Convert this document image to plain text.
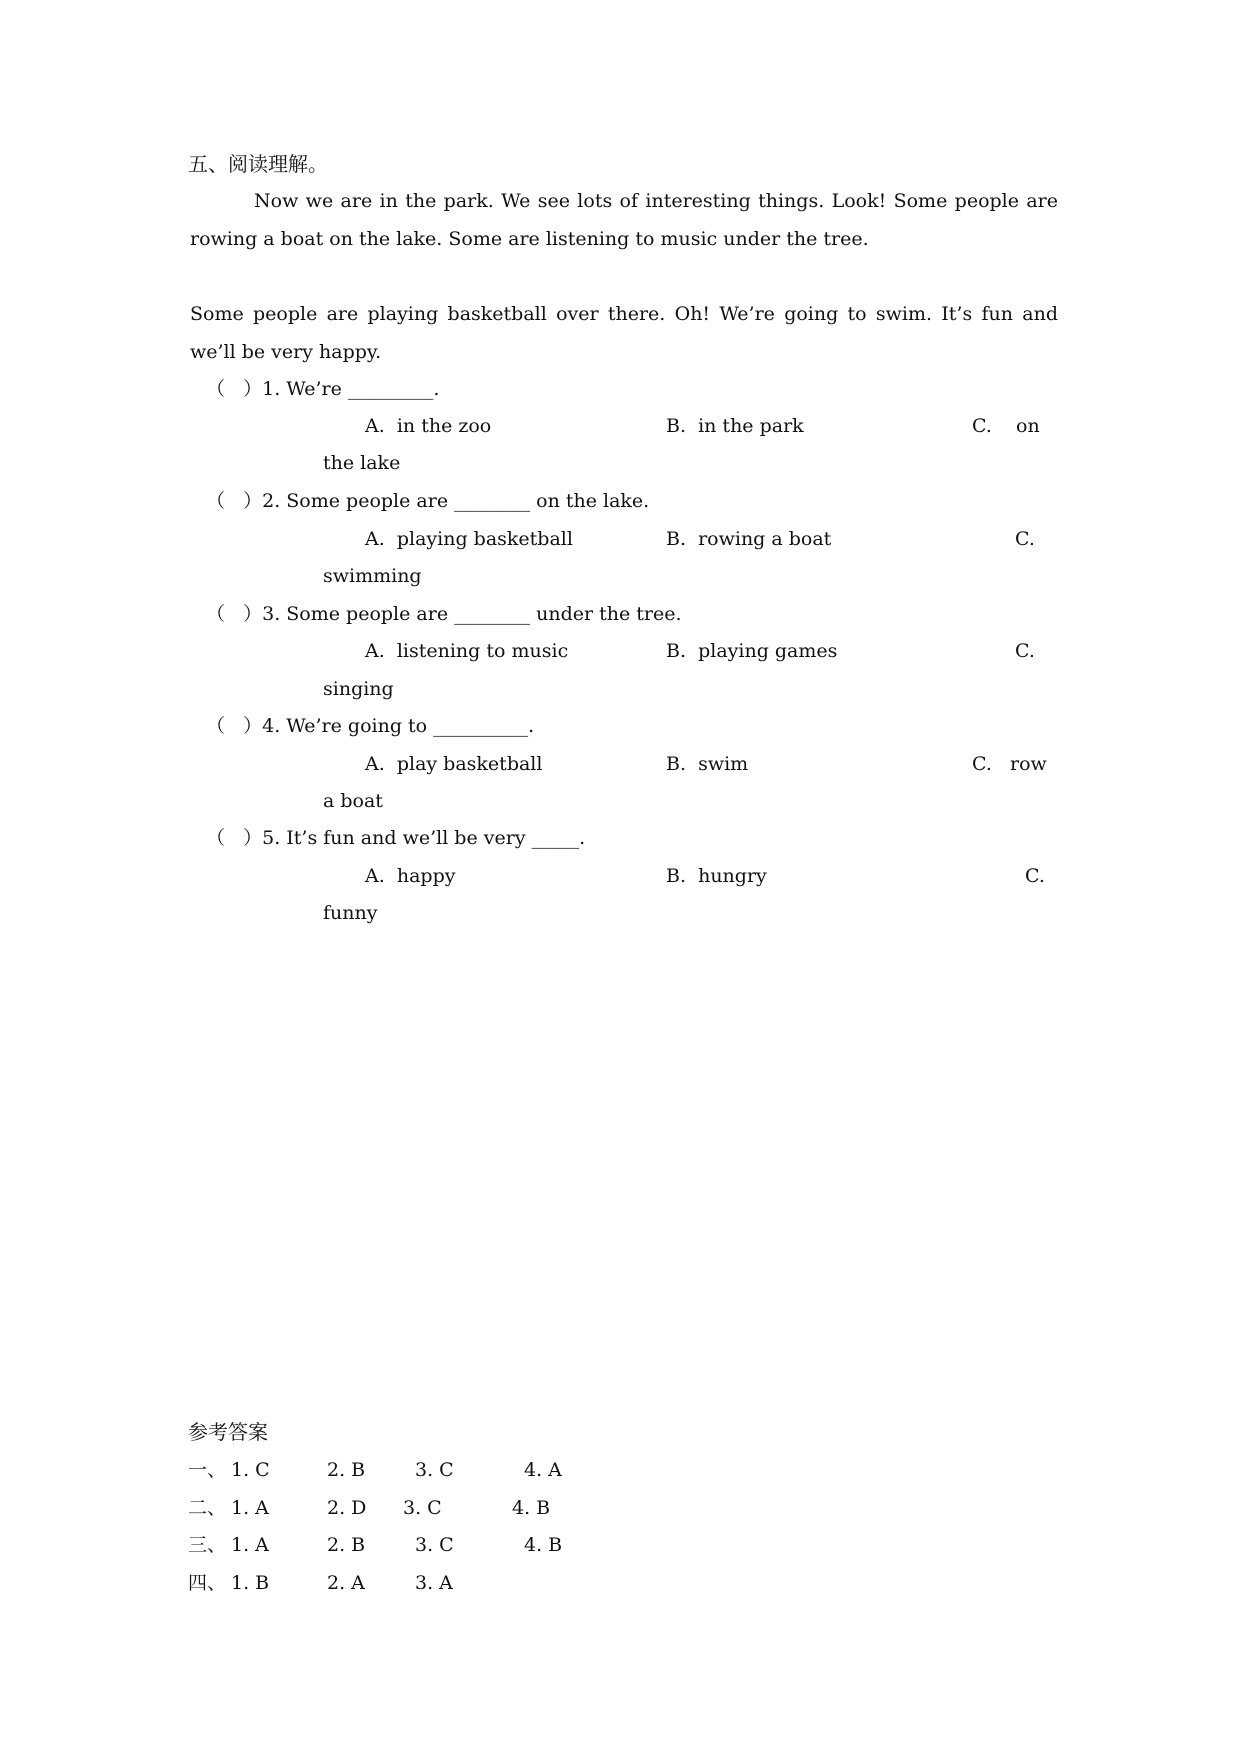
五、阅读理解。
Now we are in the park. We see lots of interesting things. Look! Some people are rowing a boat on the lake. Some are listening to music under the tree.
Some people are playing basketball over there. Oh! We’re going to swim. It’s fun and we’ll be very happy.
（   ）1. We’re _________.
A.  in the zoo	B.  in the park	C.    on
the lake
（   ）2. Some people are ________ on the lake.
A.  playing basketball	B.  rowing a boat	C.
swimming
（   ）3. Some people are ________ under the tree.
A.  listening to music	B.  playing games	C.
singing
（   ）4. We’re going to __________.
A.  play basketball	B.  swim	C.   row
a boat
（   ）5. It’s fun and we’ll be very _____.
A.  happy	B.  hungry	C.
funny
参考答案
一、 1. C	2. B	3. C	4. A
二、 1. A	2. D 3. C	4. B
三、 1. A	2. B	3. C	4. B
四、 1. B	2. A	3. A
